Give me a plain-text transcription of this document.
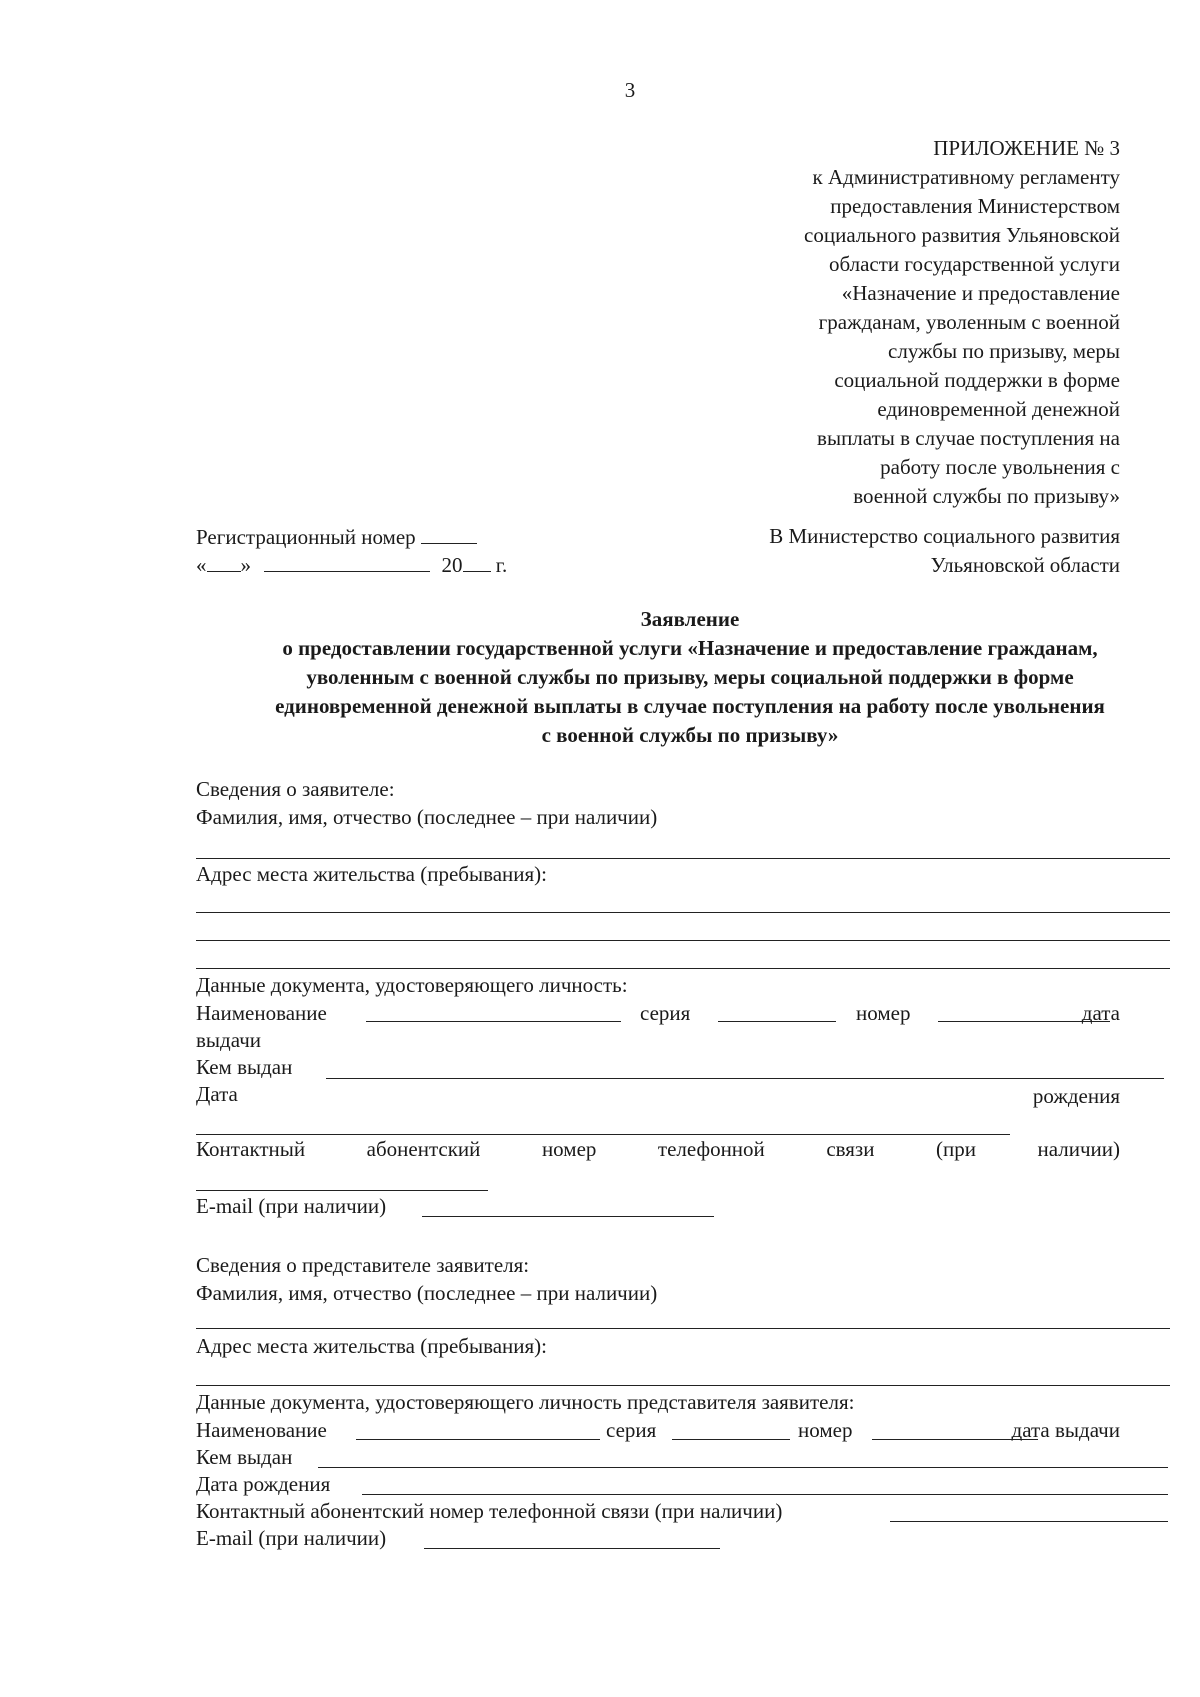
3
ПРИЛОЖЕНИЕ № 3
к Административному регламенту
предоставления Министерством
социального развития Ульяновской
области государственной услуги
«Назначение и предоставление
гражданам, уволенным с военной
службы по призыву, меры
социальной поддержки в форме
единовременной денежной
выплаты в случае поступления на
работу после увольнения с
военной службы по призыву»
Регистрационный номер
« »	20 г.
В Министерство социального развития
Ульяновской области
Заявление
о предоставлении государственной услуги «Назначение и предоставление гражданам,
уволенным с военной службы по призыву, меры социальной поддержки в форме
единовременной денежной выплаты в случае поступления на работу после увольнения
с военной службы по призыву»
Сведения о заявителе:
Фамилия, имя, отчество (последнее – при наличии)
Адрес места жительства (пребывания):
Данные документа, удостоверяющего личность:
Наименование	серия	номер	дата
выдачи
Кем выдан
Дата	рождения
Контактный	абонентский	номер	телефонной	связи	(при	наличии)
E-mail (при наличии)
Сведения о представителе заявителя:
Фамилия, имя, отчество (последнее – при наличии)
Адрес места жительства (пребывания):
Данные документа, удостоверяющего личность представителя заявителя:
Наименование	серия	номер	дата выдачи
Кем выдан
Дата рождения
Контактный абонентский номер телефонной связи (при наличии)
E-mail (при наличии)
